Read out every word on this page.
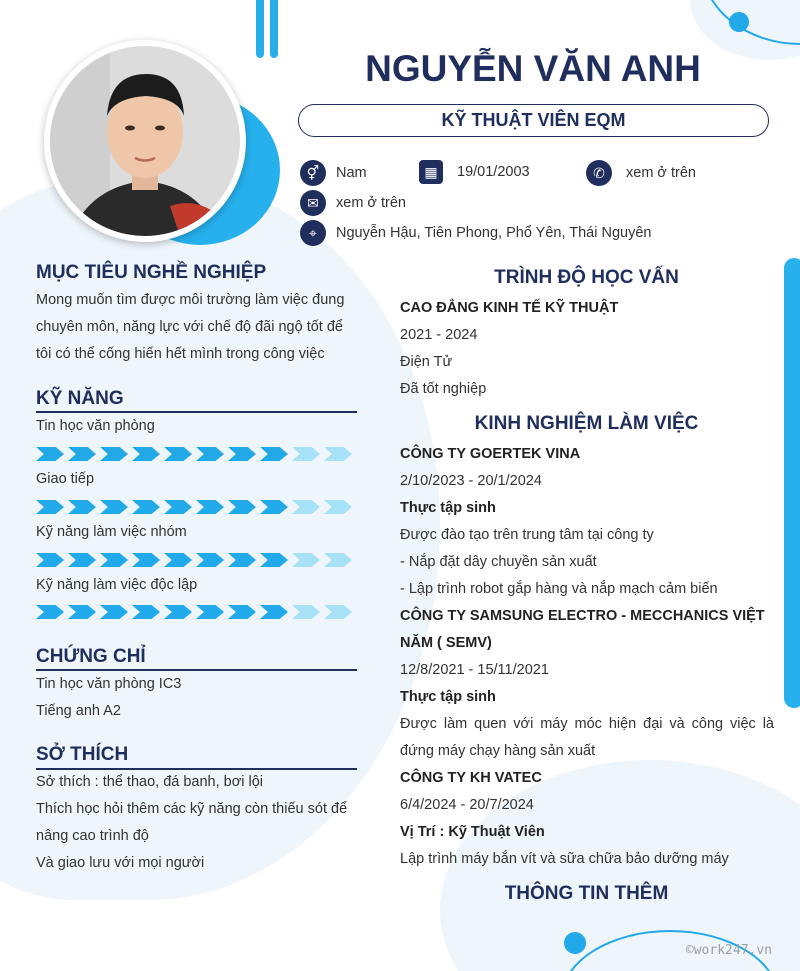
NGUYỄN VĂN ANH
KỸ THUẬT VIÊN EQM
⚥	Nam	▦	19/01/2003	✆	xem ở trên
✉	xem ở trên
⌖	Nguyễn Hậu, Tiên Phong, Phổ Yên, Thái Nguyên
MỤC TIÊU NGHỀ NGHIỆP
Mong muốn tìm được môi trường làm việc đung
chuyên môn, năng lực với chế độ đãi ngộ tốt để
tôi có thể cống hiến hết mình trong công việc
KỸ NĂNG
Tin học văn phòng
Giao tiếp
Kỹ năng làm việc nhóm
Kỹ năng làm việc độc lập
CHỨNG CHỈ
Tin học văn phòng IC3
Tiếng anh A2
SỞ THÍCH
Sở thích : thể thao, đá banh, bơi lội
Thích học hỏi thêm các kỹ năng còn thiếu sót để
nâng cao trình độ
Và giao lưu với mọi người
TRÌNH ĐỘ HỌC VẤN
CAO ĐẲNG KINH TẾ KỸ THUẬT
2021 - 2024
Điện Tử
Đã tốt nghiệp
KINH NGHIỆM LÀM VIỆC
CÔNG TY GOERTEK VINA
2/10/2023 - 20/1/2024
Thực tập sinh
Được đào tạo trên trung tâm tại công ty
- Nắp đặt dây chuyền sản xuất
- Lập trình robot gắp hàng và nắp mạch cảm biến
CÔNG TY SAMSUNG ELECTRO - MECCHANICS VIỆT
NĂM ( SEMV)
12/8/2021 - 15/11/2021
Thực tập sinh
Được làm quen với máy móc hiện đại và công việc là
đứng máy chạy hàng sản xuất
CÔNG TY KH VATEC
6/4/2024 - 20/7/2024
Vị Trí : Kỹ Thuật Viên
Lập trình máy bắn vít và sữa chữa bảo dưỡng máy
THÔNG TIN THÊM
©work247.vn
